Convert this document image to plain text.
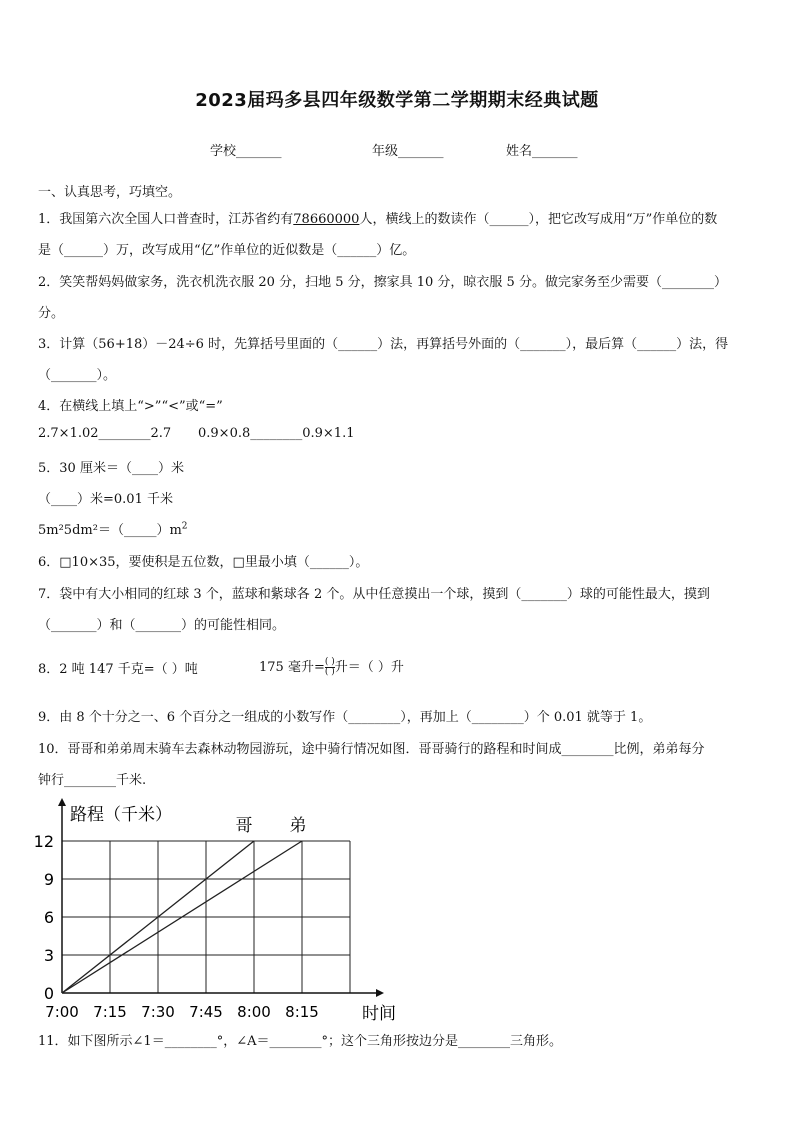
2023届玛多县四年级数学第二学期期末经典试题
学校_______	年级_______	姓名_______
一、认真思考，巧填空。
1．我国第六次全国人口普查时，江苏省约有78660000人，横线上的数读作（______），把它改写成用“万”作单位的数
是（______）万，改写成用“亿”作单位的近似数是（______）亿。
2．笑笑帮妈妈做家务，洗衣机洗衣服 20 分，扫地 5 分，擦家具 10 分，晾衣服 5 分。做完家务至少需要（________）
分。
3．计算（56+18）－24÷6 时，先算括号里面的（______）法，再算括号外面的（_______），最后算（______）法，得
（_______）。
4．在横线上填上“>”“<”或“=”
2.7×1.02________2.7 0.9×0.8________0.9×1.1
5．30 厘米＝（____）米
（____）米=0.01 千米
$5m^25dm^2=(\_\_\_\_\_)m^2$
6．□10×35，要使积是五位数，□里最小填（______）。
7．袋中有大小相同的红球 3 个，蓝球和紫球各 2 个。从中任意摸出一个球，摸到（_______）球的可能性最大，摸到
（_______）和（_______）的可能性相同。
8．2 吨 147 千克=（ ）吨	175 毫升= $\frac{( )}{( )}$ 升＝（ ）升
9．由 8 个十分之一、6 个百分之一组成的小数写作（________），再加上（________）个 0.01 就等于 1。
10．哥哥和弟弟周末骑车去森林动物园游玩，途中骑行情况如图．哥哥骑行的路程和时间成________比例，弟弟每分
钟行________千米.
0
3
6
9
12
7:00 7:15 7:30 7:45 8:00 8:15
路程（千米）
时间
哥 弟
11．如下图所示∠1＝________°，∠A＝________°；这个三角形按边分是________三角形。
